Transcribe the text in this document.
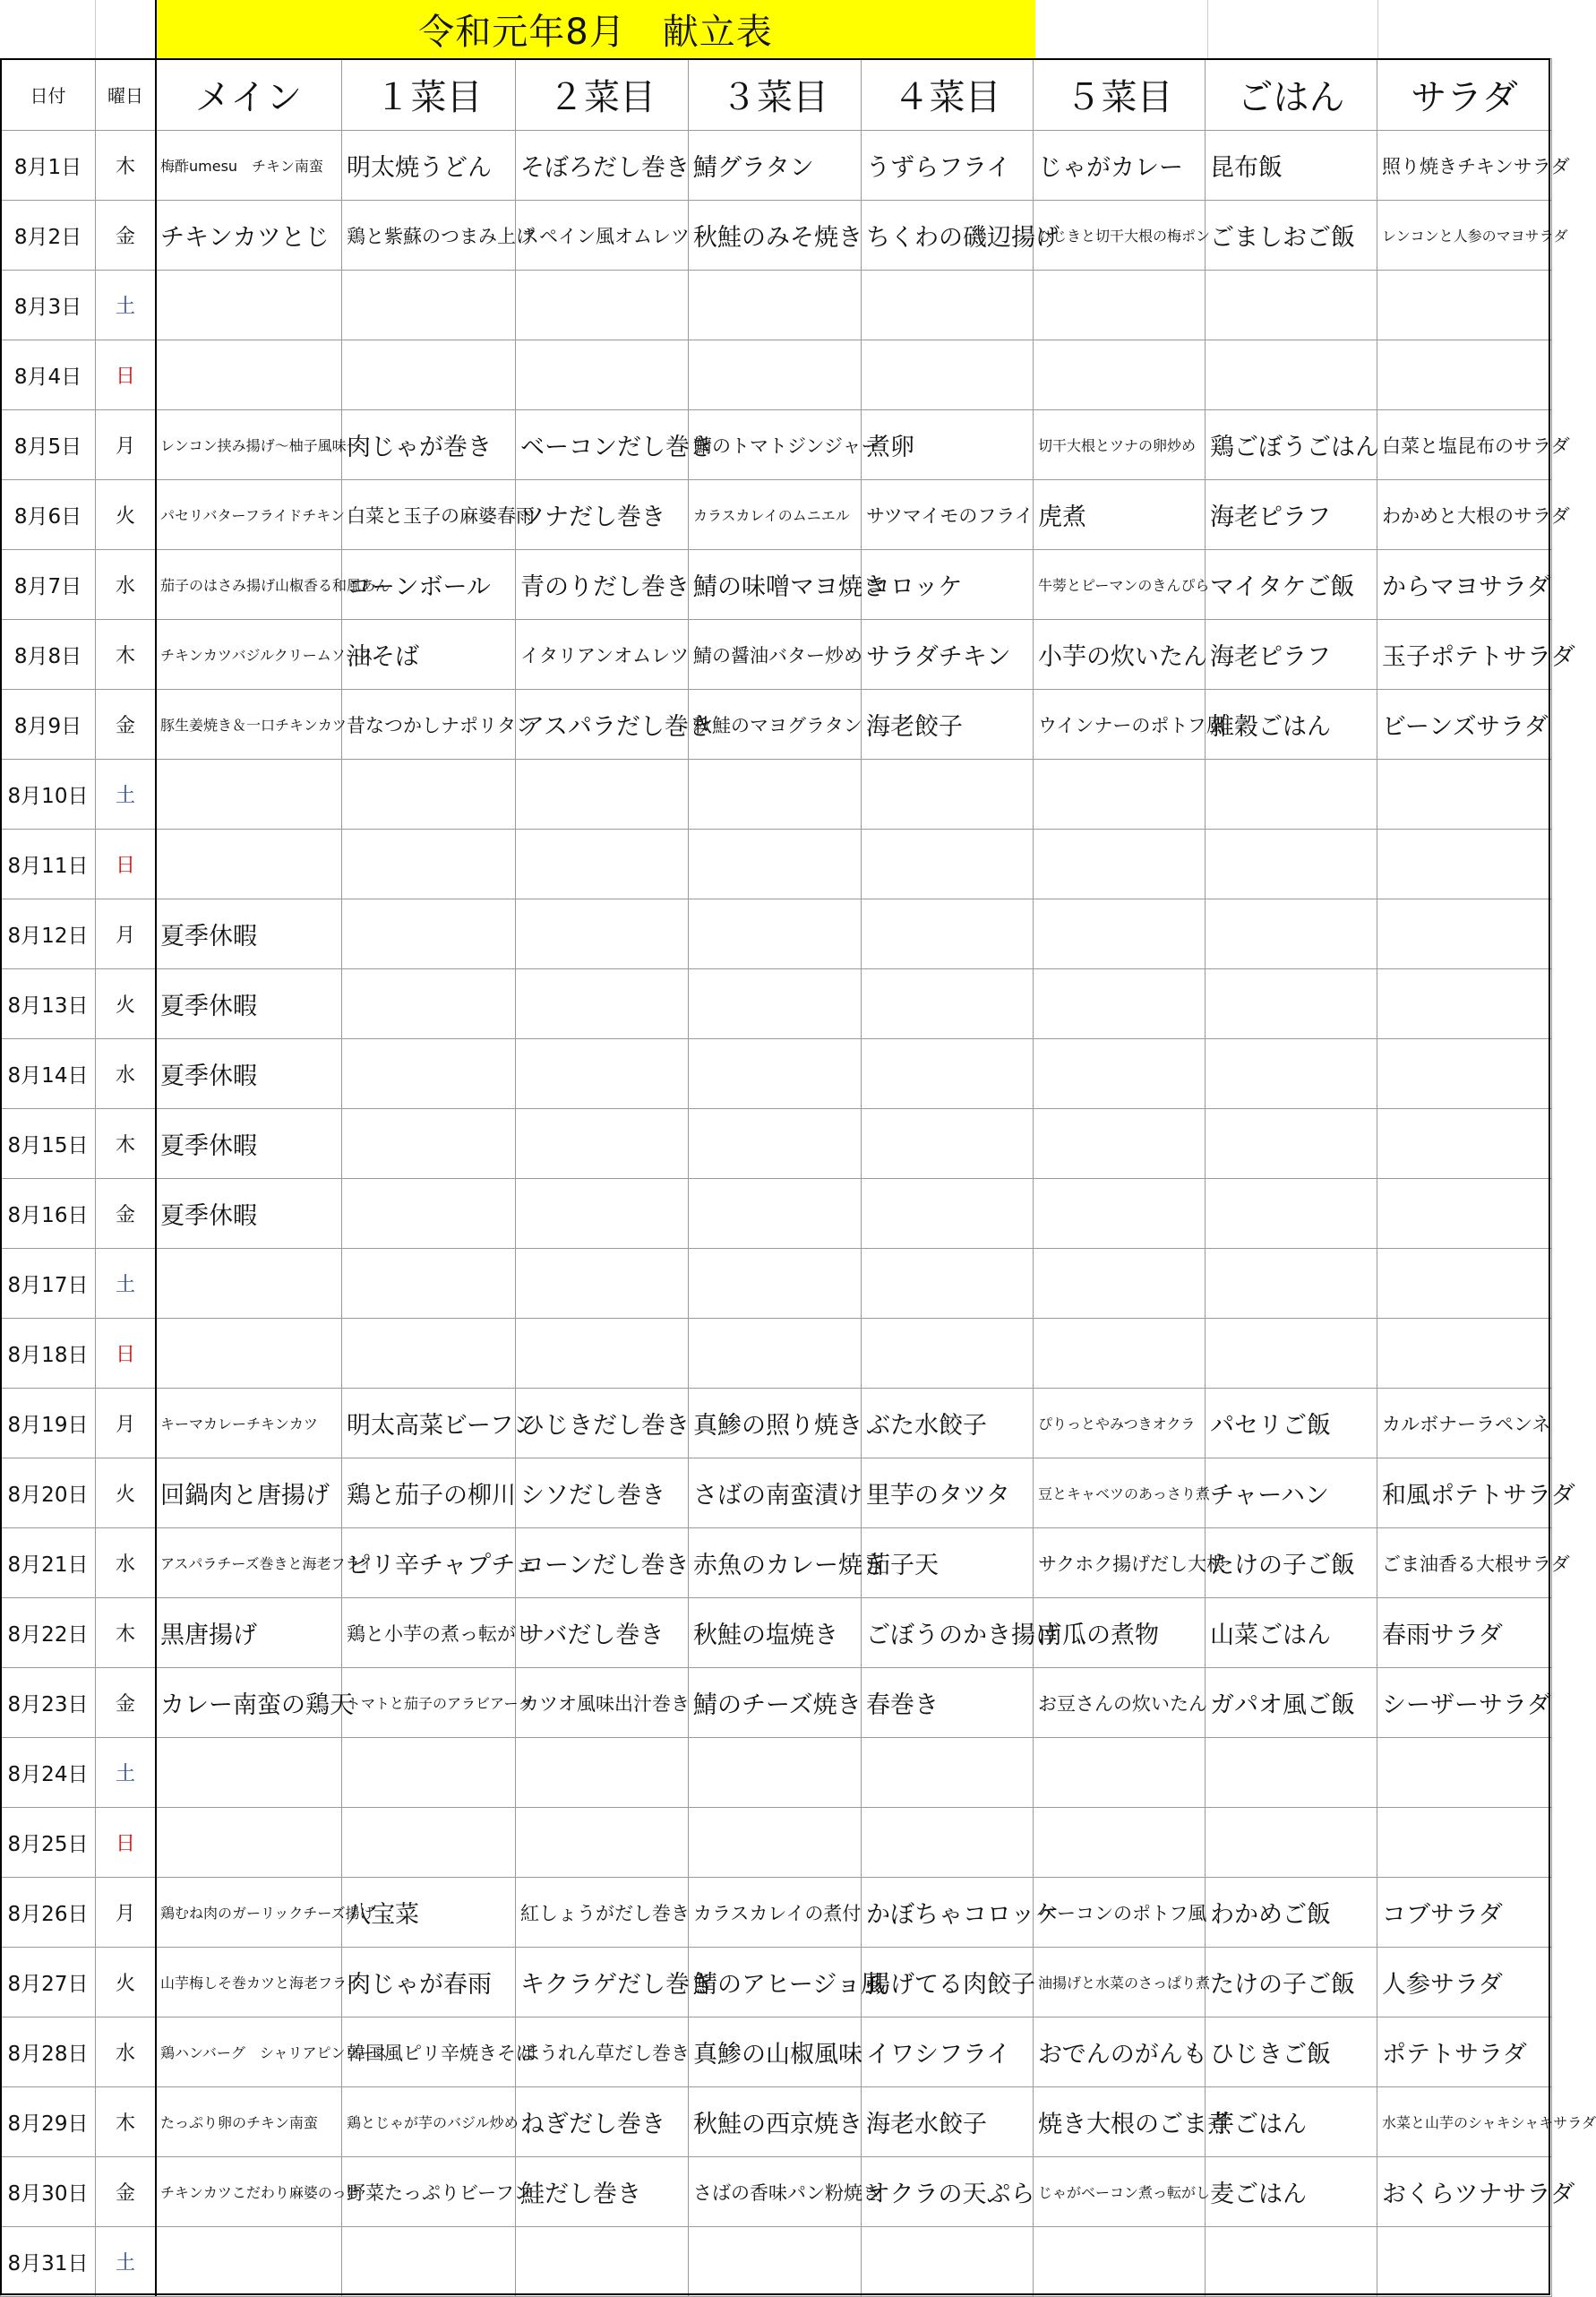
令和元年8月　献立表
日付	曜日	メイン	１菜目	２菜目	３菜目	４菜目	５菜目	ごはん	サラダ
8月1日	木	梅酢umesu　チキン南蛮	明太焼うどん	そぼろだし巻き	鯖グラタン	うずらフライ	じゃがカレー	昆布飯	照り焼きチキンサラダ
8月2日	金	チキンカツとじ	鶏と紫蘇のつまみ上げ	スペイン風オムレツ	秋鮭のみそ焼き	ちくわの磯辺揚げ	ひじきと切干大根の梅ポン	ごましおご飯	レンコンと人参のマヨサラダ
8月3日	土								
8月4日	日								
8月5日	月	レンコン挟み揚げ～柚子風味～	肉じゃが巻き	ベーコンだし巻き	鯖のトマトジンジャー	煮卵	切干大根とツナの卵炒め	鶏ごぼうごはん	白菜と塩昆布のサラダ
8月6日	火	パセリバターフライドチキン	白菜と玉子の麻婆春雨	ツナだし巻き	カラスカレイのムニエル	サツマイモのフライ	虎煮	海老ピラフ	わかめと大根のサラダ
8月7日	水	茄子のはさみ揚げ山椒香る和風あん	コーンボール	青のりだし巻き	鯖の味噌マヨ焼き	コロッケ	牛蒡とピーマンのきんぴら	マイタケご飯	からマヨサラダ
8月8日	木	チキンカツバジルクリームソース	油そば	イタリアンオムレツ	鯖の醤油バター炒め	サラダチキン	小芋の炊いたん	海老ピラフ	玉子ポテトサラダ
8月9日	金	豚生姜焼き＆一口チキンカツ	昔なつかしナポリタン	アスパラだし巻き	秋鮭のマヨグラタン	海老餃子	ウインナーのポトフ風	雑穀ごはん	ビーンズサラダ
8月10日	土								
8月11日	日								
8月12日	月	夏季休暇							
8月13日	火	夏季休暇							
8月14日	水	夏季休暇							
8月15日	木	夏季休暇							
8月16日	金	夏季休暇							
8月17日	土								
8月18日	日								
8月19日	月	キーマカレーチキンカツ	明太高菜ビーフン	ひじきだし巻き	真鯵の照り焼き	ぶた水餃子	ぴりっとやみつきオクラ	パセリご飯	カルボナーラペンネ
8月20日	火	回鍋肉と唐揚げ	鶏と茄子の柳川	シソだし巻き	さばの南蛮漬け	里芋のタツタ	豆とキャベツのあっさり煮	チャーハン	和風ポテトサラダ
8月21日	水	アスパラチーズ巻きと海老フライ	ピリ辛チャプチェ	コーンだし巻き	赤魚のカレー焼き	茄子天	サクホク揚げだし大根	たけの子ご飯	ごま油香る大根サラダ
8月22日	木	黒唐揚げ	鶏と小芋の煮っ転がし	サバだし巻き	秋鮭の塩焼き	ごぼうのかき揚げ	南瓜の煮物	山菜ごはん	春雨サラダ
8月23日	金	カレー南蛮の鶏天	トマトと茄子のアラビアータ	カツオ風味出汁巻き	鯖のチーズ焼き	春巻き	お豆さんの炊いたん	ガパオ風ご飯	シーザーサラダ
8月24日	土								
8月25日	日								
8月26日	月	鶏むね肉のガーリックチーズ揚げ	八宝菜	紅しょうがだし巻き	カラスカレイの煮付	かぼちゃコロッケ	ベーコンのポトフ風	わかめご飯	コブサラダ
8月27日	火	山芋梅しそ巻カツと海老フライ	肉じゃが春雨	キクラゲだし巻き	鯖のアヒージョ風	揚げてる肉餃子	油揚げと水菜のさっぱり煮	たけの子ご飯	人参サラダ
8月28日	水	鶏ハンバーグ　シャリアピンソース	韓国風ピリ辛焼きそば	ほうれん草だし巻き	真鯵の山椒風味	イワシフライ	おでんのがんも	ひじきご飯	ポテトサラダ
8月29日	木	たっぷり卵のチキン南蛮	鶏とじゃが芋のバジル炒め	ねぎだし巻き	秋鮭の西京焼き	海老水餃子	焼き大根のごま煮	芋ごはん	水菜と山芋のシャキシャキサラダ
8月30日	金	チキンカツこだわり麻婆のっけ	野菜たっぷりビーフン	鮭だし巻き	さばの香味パン粉焼き	オクラの天ぷら	じゃがベーコン煮っ転がし	麦ごはん	おくらツナサラダ
8月31日	土								
